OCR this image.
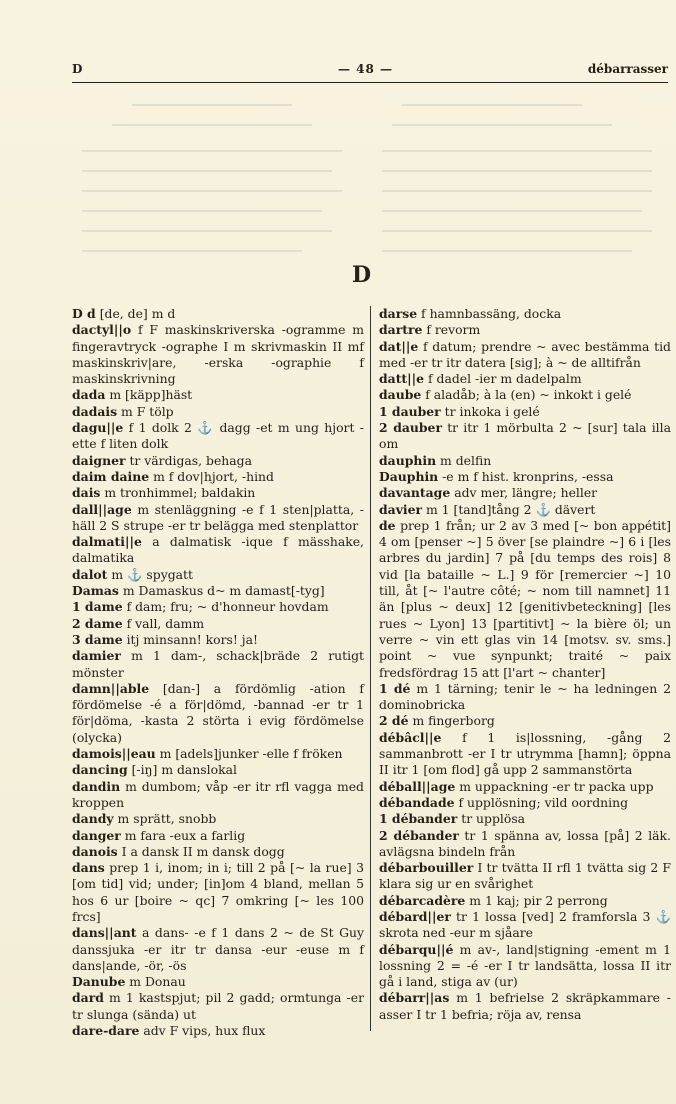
D	— 48 —	débarrasser
D

D d [de, de] m d

dactyl||o f F maskinskriverska -ogramme m fingeravtryck -ographe I m skrivmaskin II mf maskinskriv|are, -erska -ographie f maskinskrivning

dada m [käpp]häst

dadais m F tölp

dagu||e f 1 dolk 2 ⚓ dagg -et m ung hjort -ette f liten dolk

daigner tr värdigas, behaga

daim daine m f dov|hjort, -hind

dais m tronhimmel; baldakin

dall||age m stenläggning -e f 1 sten|platta, -häll 2 S strupe -er tr belägga med stenplattor

dalmati||e a dalmatisk -ique f mässhake, dalmatika

dalot m ⚓ spygatt

Damas m Damaskus d~ m damast[-tyg]

1 dame f dam; fru; ~ d'honneur hovdam

2 dame f vall, damm

3 dame itj minsann! kors! ja!

damier m 1 dam-, schack|bräde 2 rutigt mönster

damn||able [dan-] a fördömlig -ation f fördömelse -é a för|dömd, -bannad -er tr 1 för|döma, -kasta 2 störta i evig fördömelse (olycka)

damois||eau m [adels]junker -elle f fröken

dancing [-iŋ] m danslokal

dandin m dumbom; våp -er itr rfl vagga med kroppen

dandy m sprätt, snobb

danger m fara -eux a farlig

danois I a dansk II m dansk dogg

dans prep 1 i, inom; in i; till 2 på [~ la rue] 3 [om tid] vid; under; [in]om 4 bland, mellan 5 hos 6 ur [boire ~ qc] 7 omkring [~ les 100 frcs]

dans||ant a dans- -e f 1 dans 2 ~ de St Guy danssjuka -er itr tr dansa -eur -euse m f dans|ande, -ör, -ös

Danube m Donau

dard m 1 kastspjut; pil 2 gadd; ormtunga -er tr slunga (sända) ut

dare-dare adv F vips, hux flux

darse f hamnbassäng, docka

dartre f revorm

dat||e f datum; prendre ~ avec bestämma tid med -er tr itr datera [sig]; à ~ de alltifrån

datt||e f dadel -ier m dadelpalm

daube f aladåb; à la (en) ~ inkokt i gelé

1 dauber tr inkoka i gelé

2 dauber tr itr 1 mörbulta 2 ~ [sur] tala illa om

dauphin m delfin

Dauphin -e m f hist. kronprins, -essa

davantage adv mer, längre; heller

davier m 1 [tand]tång 2 ⚓ dävert

de prep 1 från; ur 2 av 3 med [~ bon appétit] 4 om [penser ~] 5 över [se plaindre ~] 6 i [les arbres du jardin] 7 på [du temps des rois] 8 vid [la bataille ~ L.] 9 för [remercier ~] 10 till, åt [~ l'autre côté; ~ nom till namnet] 11 än [plus ~ deux] 12 [genitivbeteckning] [les rues ~ Lyon] 13 [partitivt] ~ la bière öl; un verre ~ vin ett glas vin 14 [motsv. sv. sms.] point ~ vue synpunkt; traité ~ paix fredsfördrag 15 att [l'art ~ chanter]

1 dé m 1 tärning; tenir le ~ ha ledningen 2 dominobricka

2 dé m fingerborg

débâcl||e f 1 is|lossning, -gång 2 sammanbrott -er I tr utrymma [hamn]; öppna II itr 1 [om flod] gå upp 2 sammanstörta

déball||age m uppackning -er tr packa upp

débandade f upplösning; vild oordning

1 débander tr upplösa

2 débander tr 1 spänna av, lossa [på] 2 läk. avlägsna bindeln från

débarbouiller I tr tvätta II rfl 1 tvätta sig 2 F klara sig ur en svårighet

débarcadère m 1 kaj; pir 2 perrong

débard||er tr 1 lossa [ved] 2 framforsla 3 ⚓ skrota ned -eur m sjåare

débarqu||é m av-, land|stigning -ement m 1 lossning 2 = -é -er I tr landsätta, lossa II itr gå i land, stiga av (ur)

débarr||as m 1 befrielse 2 skräpkammare -asser I tr 1 befria; röja av, rensa
